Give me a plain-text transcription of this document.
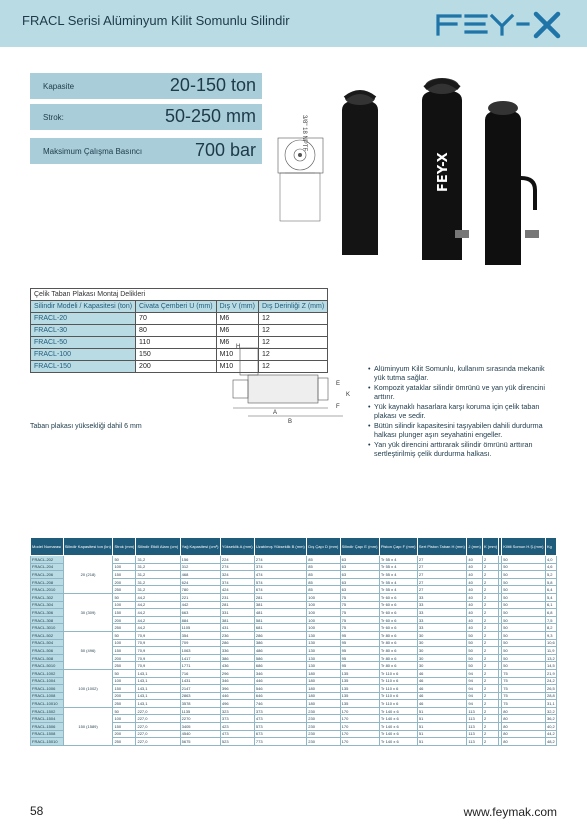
FRACL Serisi Alüminyum Kilit Somunlu Silindir
Kapasite	20-150 ton
Strok:	50-250 mm
Maksimum Çalışma Basıncı	700 bar	3/8" 18 NPTF
FEY-X
Çelik Taban Plakası Montaj Delikleri			
Silindir Modeli / Kapasitesi (ton)	Civata Çemberi U (mm)	Dış V (mm)	Dış Derinliği Z (mm)
FRACL-20	70	M6	12
FRACL-30	80	M6	12
FRACL-50	110	M6	12
FRACL-100	150	M10	12
FRACL-150	200	M10	12
Taban plakası yüksekliği dahil 6 mm
H
A
B
K
E
F
• Alüminyum Kilit Somunlu, kullanım sırasında mekanik yük tutma sağlar.
• Kompozit yataklar silindir ömrünü ve yan yük direncini arttırır.
• Yük kaynaklı hasarlara karşı koruma için çelik taban plakası ve sedir.
• Bütün silindir kapasitesini taşıyabilen dahili durdurma halkası plunger aşırı seyahatini engeller.
• Yan yük direncini arttırarak silindir ömrünü arttıran sertleştirilmiş çelik durdurma halkası.
Model Numarası	Silindir Kapasitesi ton (kn)	Strok (mm)	Silindir Etkili Alanı (cm)	Yağ Kapasitesi (cm³)	Yükseklik A (mm)	Uzatılmış Yükseklik B (mm)	Dış Çapı D (mm)	Silindir Çapı E (mm)	Piston Çapı F (mm)	Sert Piston Taban H (mm)	J (mm)	K (mm)		Kilitli Somun H.Ş.(mm)	Kg
FRACL-202	20 (218)	50	31,2	156	224	274	85	63	Tr 55 x 4	27	40	2		50	4,0
FRACL-204		100	31,2	312	274	374	85	63	Tr 55 x 4	27	40	2		50	4,6
FRACL-206		150	31,2	468	324	474	85	63	Tr 55 x 4	27	40	2		50	5,2
FRACL-208		200	31,2	624	374	574	85	63	Tr 55 x 4	27	40	2		50	5,8
FRACL-2010		250	31,2	780	424	674	85	63	Tr 55 x 4	27	40	2		50	6,4
FRACL-302	30 (309)	50	44,2	221	231	281	100	75	Tr 60 x 6	33	40	2		50	5,4
FRACL-304		100	44,2	442	281	381	100	75	Tr 60 x 6	33	40	2		50	6,1
FRACL-306		150	44,2	663	331	481	100	75	Tr 60 x 6	33	40	2		50	6,8
FRACL-308		200	44,2	884	381	581	100	75	Tr 60 x 6	33	40	2		50	7,5
FRACL-3010		250	44,2	1105	431	681	100	75	Tr 60 x 6	33	40	2		50	8,2
FRACL-502	50 (496)	50	70,9	354	236	286	130	95	Tr 80 x 6	30	50	2		50	9,3
FRACL-504		100	70,9	709	286	386	130	95	Tr 80 x 6	30	50	2		50	10,6
FRACL-506		150	70,9	1063	336	486	130	95	Tr 80 x 6	30	50	2		50	11,9
FRACL-508		200	70,9	1417	386	586	130	95	Tr 80 x 6	30	50	2		50	13,2
FRACL-5010		250	70,9	1771	436	686	130	95	Tr 80 x 6	30	50	2		50	14,5
FRACL-1002	100 (1002)	50	143,1	716	296	346	180	135	Tr 110 x 6	46	94	2		75	21,9
FRACL-1004		100	143,1	1431	346	446	180	135	Tr 110 x 6	46	94	2		75	24,2
FRACL-1006		150	143,1	2147	396	546	180	135	Tr 110 x 6	46	94	2		75	26,5
FRACL-1008		200	143,1	2863	446	646	180	135	Tr 110 x 6	46	94	2		75	28,8
FRACL-10010		250	143,1	3578	496	746	180	135	Tr 110 x 6	46	94	2		75	31,1
FRACL-1502	150 (1589)	50	227,0	1135	323	373	230	170	Tr 140 x 6	51	113	2		80	32,2
FRACL-1504		100	227,0	2270	373	473	230	170	Tr 140 x 6	51	113	2		80	36,2
FRACL-1506		150	227,0	3405	423	573	230	170	Tr 140 x 6	51	113	2		80	40,2
FRACL-1508		200	227,0	4540	473	673	230	170	Tr 140 x 6	51	113	2		80	44,2
FRACL-15010		250	227,0	5675	523	773	230	170	Tr 140 x 6	51	113	2		80	48,2
58	www.feymak.com
